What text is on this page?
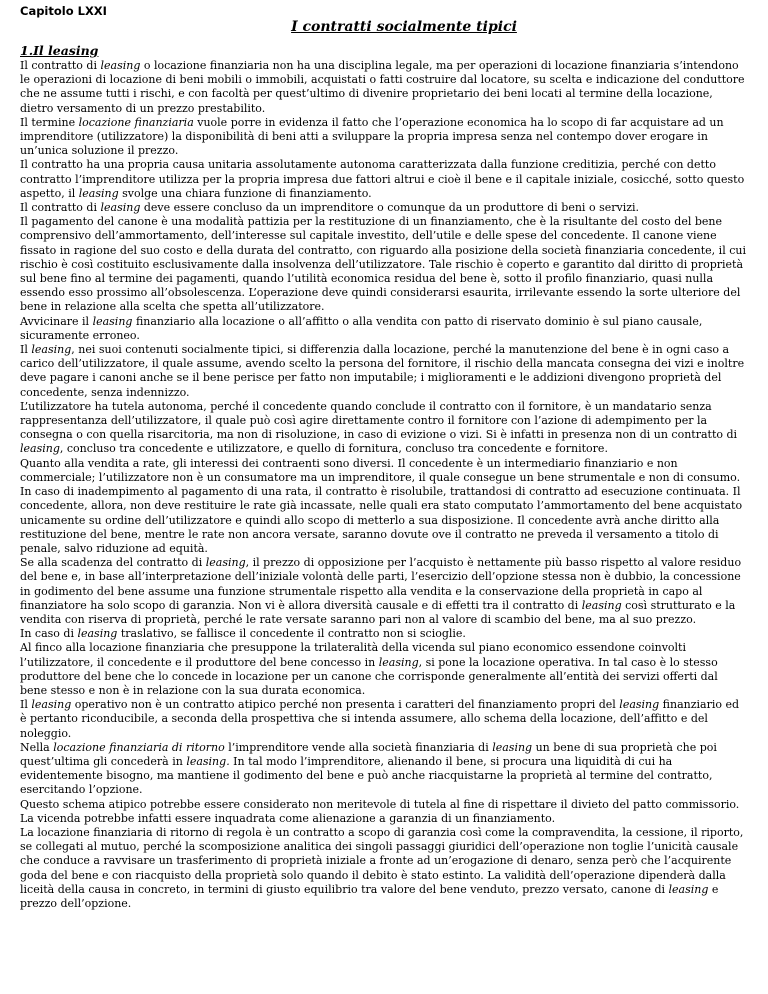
Capitolo LXXI
I contratti socialmente tipici
1.Il leasing

Il contratto di leasing o locazione finanziaria non ha una disciplina legale, ma per operazioni di locazione finanziaria s’intendono le operazioni di locazione di beni mobili o immobili, acquistati o fatti costruire dal locatore, su scelta e indicazione del conduttore che ne assume tutti i rischi, e con facoltà per quest’ultimo di divenire proprietario dei beni locati al termine della locazione, dietro versamento di un prezzo prestabilito.

Il termine locazione finanziaria vuole porre in evidenza il fatto che l’operazione economica ha lo scopo di far acquistare ad un imprenditore (utilizzatore) la disponibilità di beni atti a sviluppare la propria impresa senza nel contempo dover erogare in un’unica soluzione il prezzo.

Il contratto ha una propria causa unitaria assolutamente autonoma caratterizzata dalla funzione creditizia, perché con detto contratto l’imprenditore utilizza per la propria impresa due fattori altrui e cioè il bene e il capitale iniziale, cosicché, sotto questo aspetto, il leasing svolge una chiara funzione di finanziamento.

Il contratto di leasing deve essere concluso da un imprenditore o comunque da un produttore di beni o servizi.

Il pagamento del canone è una modalità pattizia per la restituzione di un finanziamento, che è la risultante del costo del bene comprensivo dell’ammortamento, dell’interesse sul capitale investito, dell’utile e delle spese del concedente. Il canone viene fissato in ragione del suo costo e della durata del contratto, con riguardo alla posizione della società finanziaria concedente, il cui rischio è così costituito esclusivamente dalla insolvenza dell’utilizzatore. Tale rischio è coperto e garantito dal diritto di proprietà sul bene fino al termine dei pagamenti, quando l’utilità economica residua del bene è, sotto il profilo finanziario, quasi nulla essendo esso prossimo all’obsolescenza. L’operazione deve quindi considerarsi esaurita, irrilevante essendo la sorte ulteriore del bene in relazione alla scelta che spetta all’utilizzatore.

Avvicinare il leasing finanziario alla locazione o all’affitto o alla vendita con patto di riservato dominio è sul piano causale, sicuramente erroneo.

Il leasing, nei suoi contenuti socialmente tipici, si differenzia dalla locazione, perché la manutenzione del bene è in ogni caso a carico dell’utilizzatore, il quale assume, avendo scelto la persona del fornitore, il rischio della mancata consegna dei vizi e inoltre deve pagare i canoni anche se il bene perisce per fatto non imputabile; i miglioramenti e le addizioni divengono proprietà del concedente, senza indennizzo.

L’utilizzatore ha tutela autonoma, perché il concedente quando conclude il contratto con il fornitore, è un mandatario senza rappresentanza dell’utilizzatore, il quale può così agire direttamente contro il fornitore con l’azione di adempimento per la consegna o con quella risarcitoria, ma non di risoluzione, in caso di evizione o vizi. Si è infatti in presenza non di un contratto di leasing, concluso tra concedente e utilizzatore, e quello di fornitura, concluso tra concedente e fornitore.

Quanto alla vendita a rate, gli interessi dei contraenti sono diversi. Il concedente è un intermediario finanziario e non commerciale; l’utilizzatore non è un consumatore ma un imprenditore, il quale consegue un bene strumentale e non di consumo.

In caso di inadempimento al pagamento di una rata, il contratto è risolubile, trattandosi di contratto ad esecuzione continuata. Il concedente, allora, non deve restituire le rate già incassate, nelle quali era stato computato l’ammortamento del bene acquistato unicamente su ordine dell’utilizzatore e quindi allo scopo di metterlo a sua disposizione. Il concedente avrà anche diritto alla restituzione del bene, mentre le rate non ancora versate, saranno dovute ove il contratto ne preveda il versamento a titolo di penale, salvo riduzione ad equità.

Se alla scadenza del contratto di leasing, il prezzo di opposizione per l’acquisto è nettamente più basso rispetto al valore residuo del bene e, in base all’interpretazione dell’iniziale volontà delle parti, l’esercizio dell’opzione stessa non è dubbio, la concessione in godimento del bene assume una funzione strumentale rispetto alla vendita e la conservazione della proprietà in capo al finanziatore ha solo scopo di garanzia. Non vi è allora diversità causale e di effetti tra il contratto di leasing così strutturato e la vendita con riserva di proprietà, perché le rate versate saranno pari non al valore di scambio del bene, ma al suo prezzo.

In caso di leasing traslativo, se fallisce il concedente il contratto non si scioglie.

Al finco alla locazione finanziaria che presuppone la trilateralità della vicenda sul piano economico essendone coinvolti l’utilizzatore, il concedente e il produttore del bene concesso in leasing, si pone la locazione operativa. In tal caso è lo stesso produttore del bene che lo concede in locazione per un canone che corrisponde generalmente all’entità dei servizi offerti dal bene stesso e non è in relazione con la sua durata economica.

Il leasing operativo non è un contratto atipico perché non presenta i caratteri del finanziamento propri del leasing finanziario ed è pertanto riconducibile, a seconda della prospettiva che si intenda assumere, allo schema della locazione, dell’affitto e del noleggio.

Nella locazione finanziaria di ritorno l’imprenditore vende alla società finanziaria di leasing un bene di sua proprietà che poi quest’ultima gli concederà in leasing. In tal modo l’imprenditore, alienando il bene, si procura una liquidità di cui ha evidentemente bisogno, ma mantiene il godimento del bene e può anche riacquistarne la proprietà al termine del contratto, esercitando l’opzione.

Questo schema atipico potrebbe essere considerato non meritevole di tutela al fine di rispettare il divieto del patto commissorio. La vicenda potrebbe infatti essere inquadrata come alienazione a garanzia di un finanziamento.

La locazione finanziaria di ritorno di regola è un contratto a scopo di garanzia così come la compravendita, la cessione, il riporto, se collegati al mutuo, perché la scomposizione analitica dei singoli passaggi giuridici dell’operazione non toglie l’unicità causale che conduce a ravvisare un trasferimento di proprietà iniziale a fronte ad un’erogazione di denaro, senza però che l’acquirente goda del bene e con riacquisto della proprietà solo quando il debito è stato estinto. La validità dell’operazione dipenderà dalla liceità della causa in concreto, in termini di giusto equilibrio tra valore del bene venduto, prezzo versato, canone di leasing e prezzo dell’opzione.
